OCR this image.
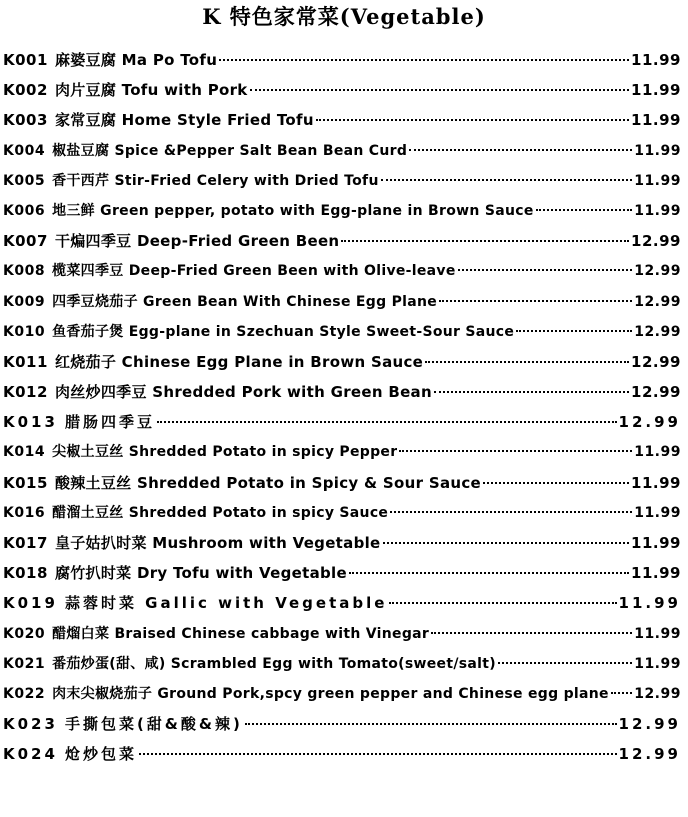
K 特色家常菜(Vegetable)
K001 麻婆豆腐 Ma Po Tofu	11.99
K002 肉片豆腐 Tofu with Pork	11.99
K003 家常豆腐 Home Style Fried Tofu	11.99
K004 椒盐豆腐 Spice &Pepper Salt Bean Bean Curd	11.99
K005 香干西芹 Stir-Fried Celery with Dried Tofu	11.99
K006 地三鲜 Green pepper, potato with Egg-plane in Brown Sauce	11.99
K007 干煸四季豆 Deep-Fried Green Been	12.99
K008 榄菜四季豆 Deep-Fried Green Been with Olive-leave	12.99
K009 四季豆烧茄子 Green Bean With Chinese Egg Plane	12.99
K010 鱼香茄子煲 Egg-plane in Szechuan Style Sweet-Sour Sauce	12.99
K011 红烧茄子 Chinese Egg Plane in Brown Sauce	12.99
K012 肉丝炒四季豆 Shredded Pork with Green Bean	12.99
K013 腊肠四季豆	12.99
K014 尖椒土豆丝 Shredded Potato in spicy Pepper	11.99
K015 酸辣土豆丝 Shredded Potato in Spicy & Sour Sauce	11.99
K016 醋溜土豆丝 Shredded Potato in spicy Sauce	11.99
K017 皇子姑扒时菜 Mushroom with Vegetable	11.99
K018 腐竹扒时菜 Dry Tofu with Vegetable	11.99
K019 蒜蓉时菜 Gallic with Vegetable	11.99
K020 醋熘白菜 Braised Chinese cabbage with Vinegar	11.99
K021 番茄炒蛋(甜、咸) Scrambled Egg with Tomato(sweet/salt)	11.99
K022 肉末尖椒烧茄子 Ground Pork,spcy green pepper and Chinese egg plane 12.99
K023 手撕包菜(甜&酸&辣)	12.99
K024 炝炒包菜	12.99
